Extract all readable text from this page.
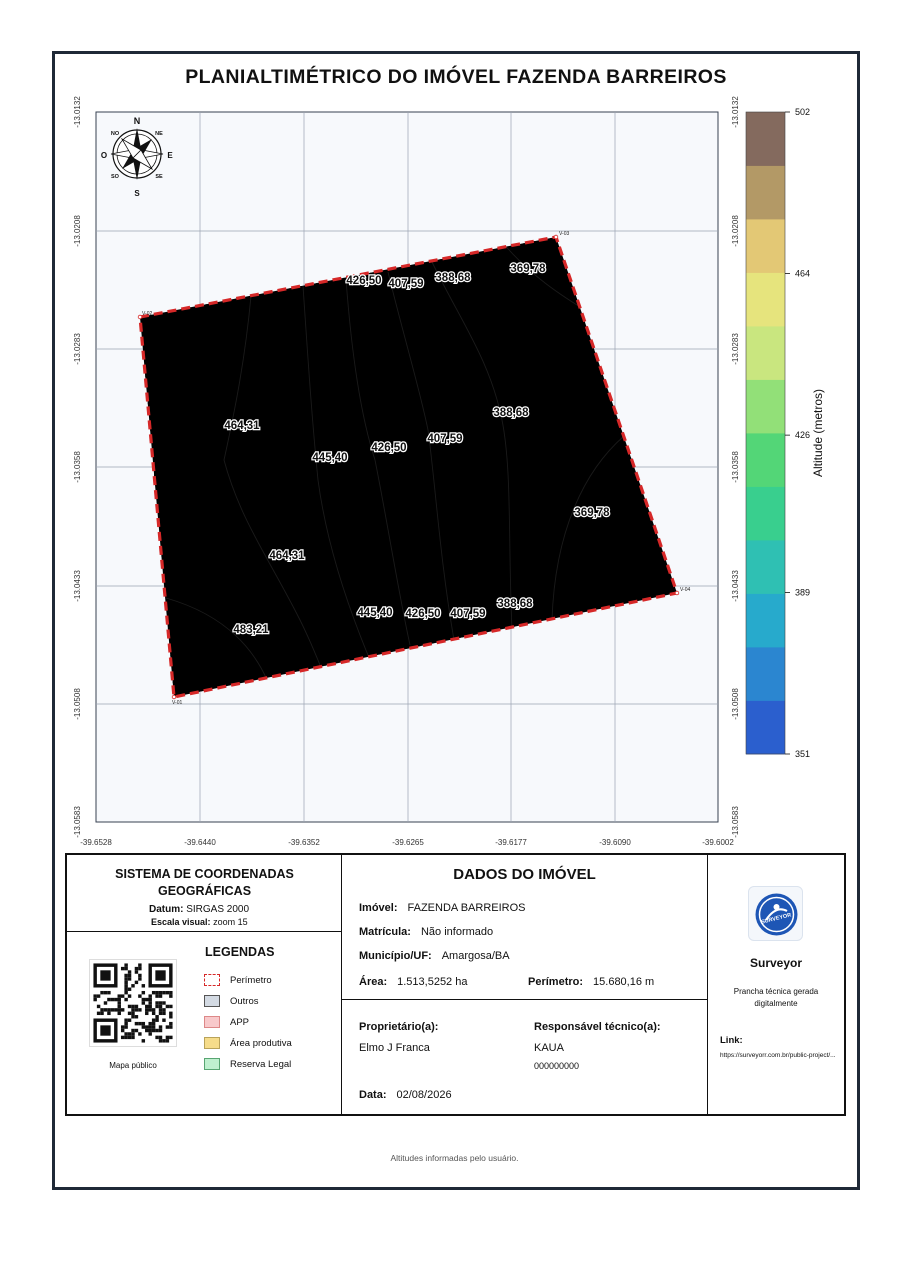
PLANIALTIMÉTRICO DO IMÓVEL FAZENDA BARREIROS
V-01
V-02
V-03
V-04
426,50 407,59 388,68
369,78
464,31
445,40
426,50
407,59
388,68
369,78
464,31
445,40 426,50 407,59
388,68
483,21
-39.6528	-39.6440	-39.6352	-39.6265	-39.6177	-39.6090	-39.6002
-13.0132	-13.0132
-13.0208	-13.0208
-13.0283	-13.0283
-13.0358	-13.0358
-13.0433	-13.0433
-13.0508	-13.0508
-13.0583	-13.0583
502
464
426
389
351
Altitude (metros)
N
S
E
O
NE
NO
SE
SO
SISTEMA DE COORDENADAS GEOGRÁFICAS
Datum: SIRGAS 2000
Escala visual: zoom 15
Mapa público
LEGENDAS
Perímetro
Outros
APP
Área produtiva
Reserva Legal
DADOS DO IMÓVEL
Imóvel: FAZENDA BARREIROS
Matrícula: Não informado
Município/UF: Amargosa/BA
Área: 1.513,5252 ha	Perímetro: 15.680,16 m
Proprietário(a):
Elmo J Franca
Responsável técnico(a):
KAUA
000000000
Data: 02/08/2026
SURVEYOR
Surveyor
Prancha técnica gerada digitalmente
Link:
https://surveyorr.com.br/public-project/...
Altitudes informadas pelo usuário.
